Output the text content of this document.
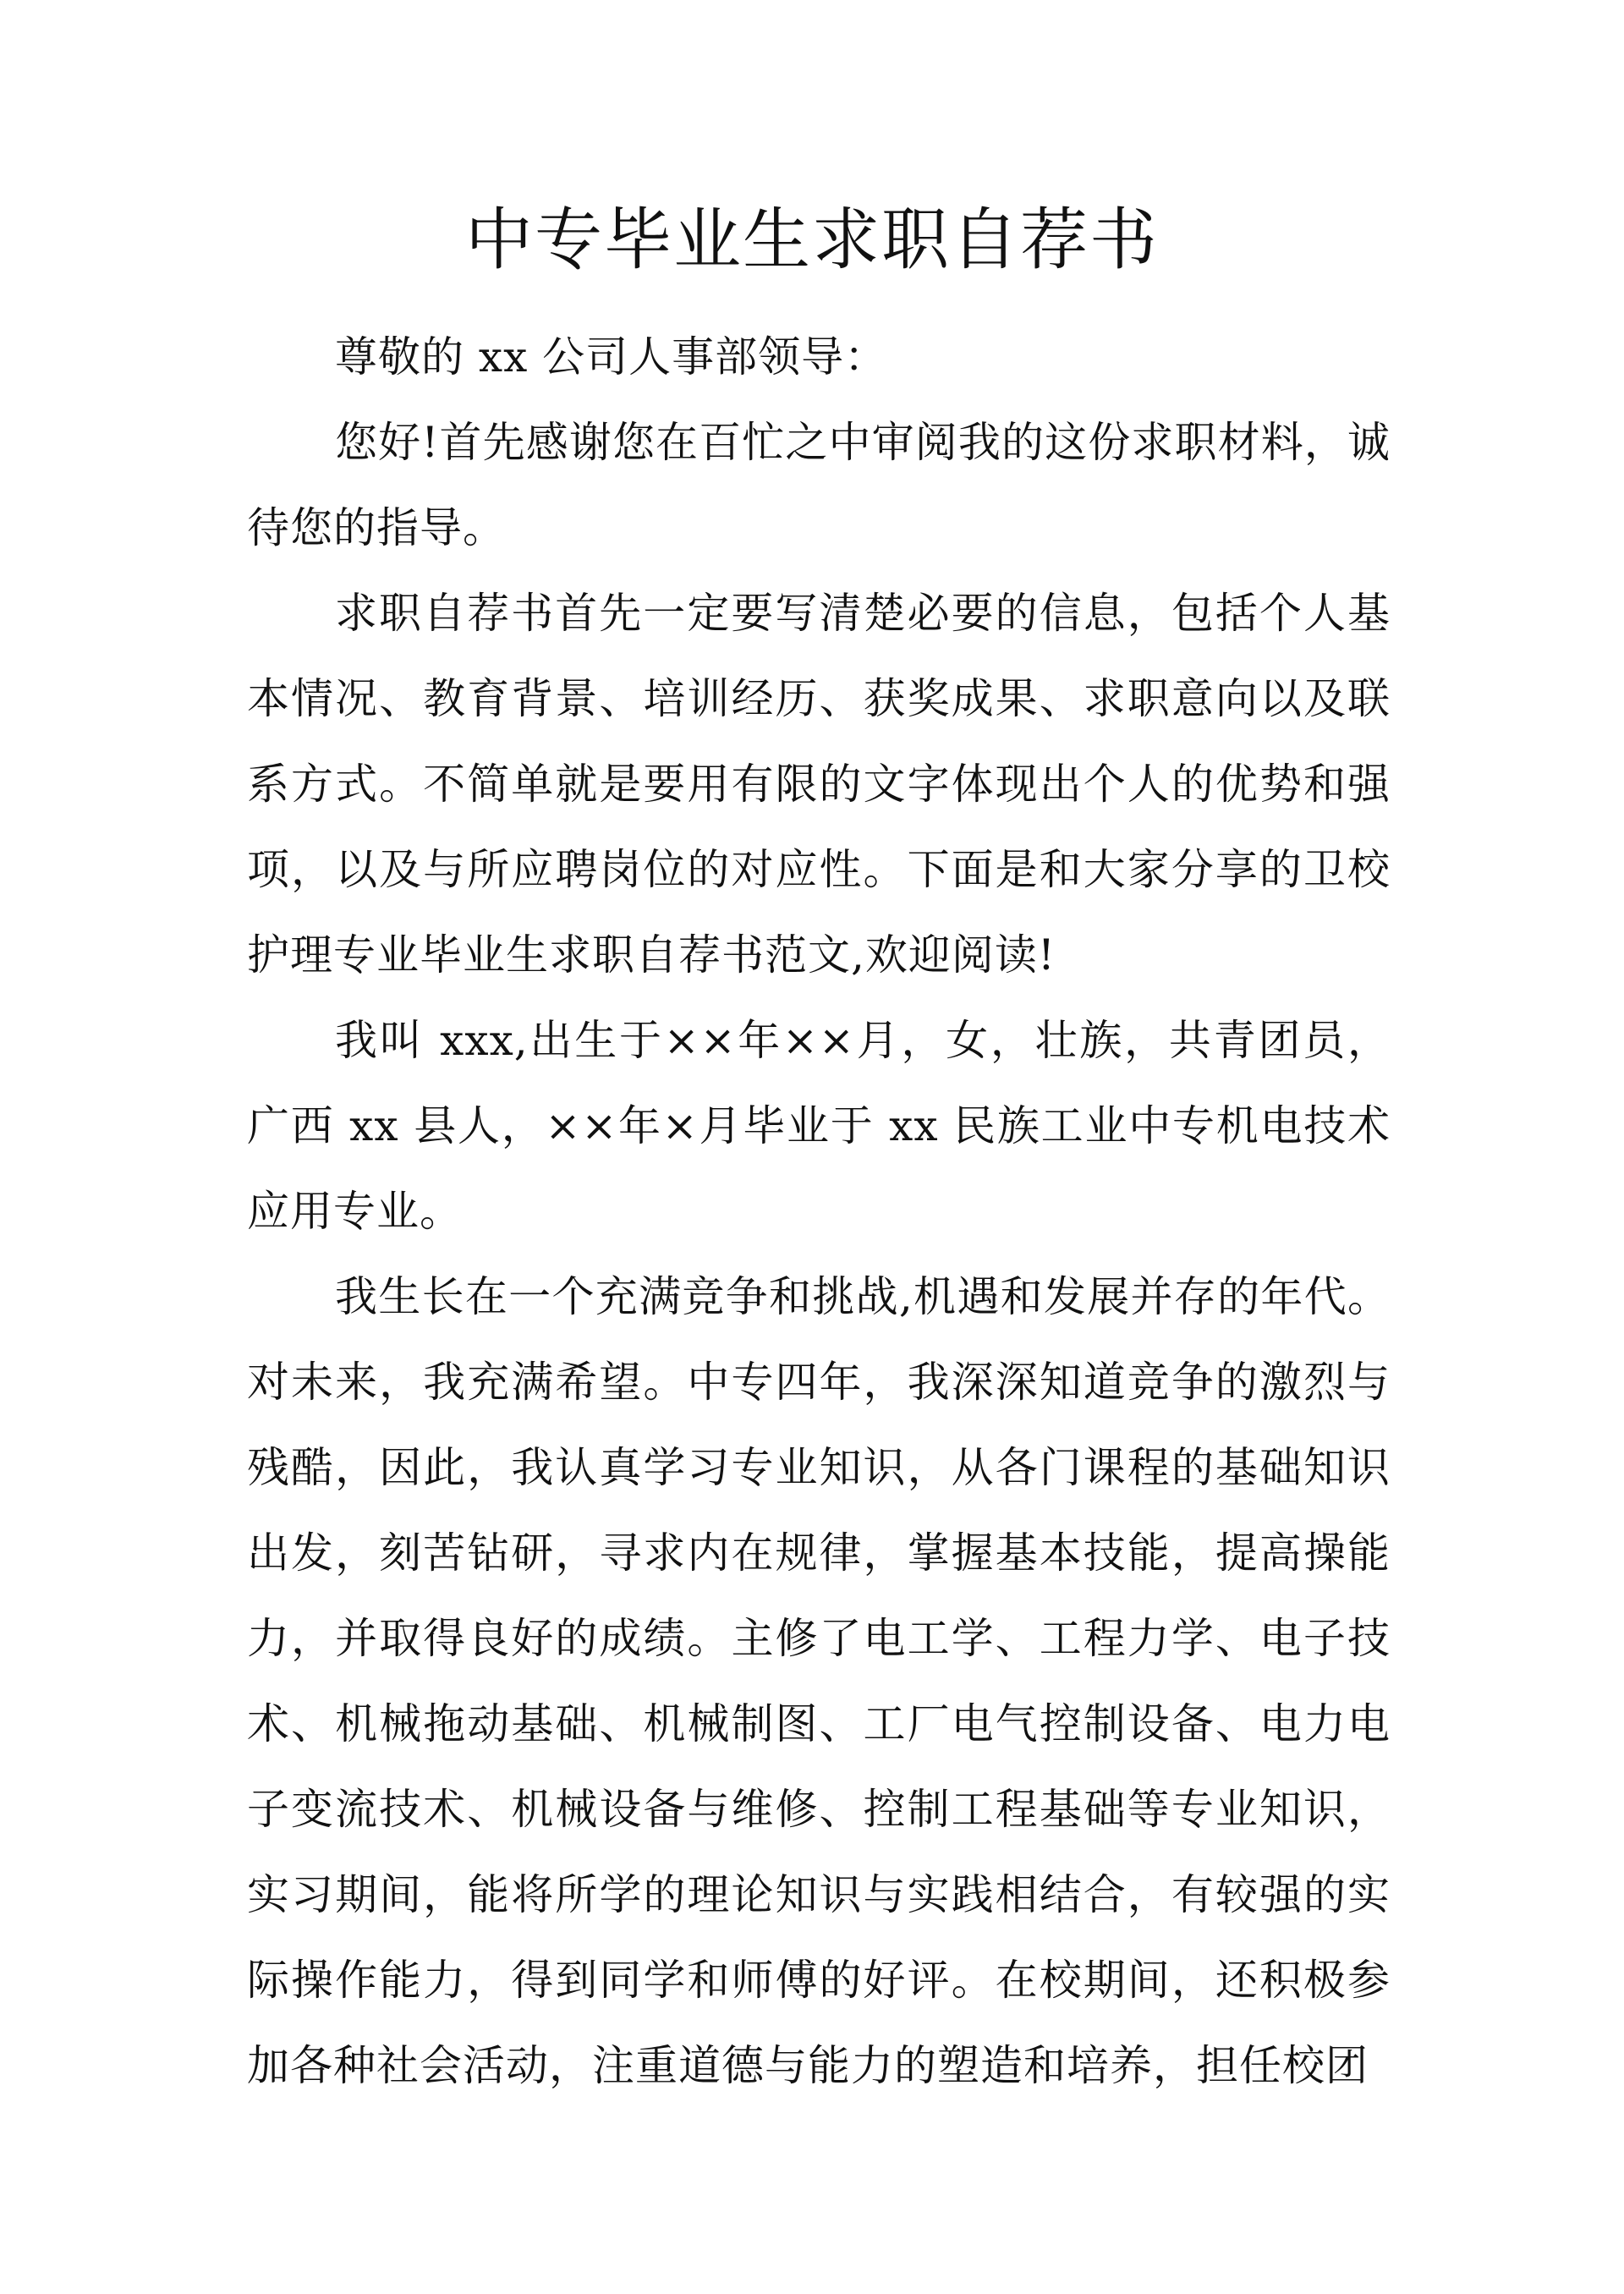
中专毕业生求职自荐书

尊敬的 xx 公司人事部领导：

您好!首先感谢您在百忙之中审阅我的这份求职材料，诚待您的指导。

求职自荐书首先一定要写清楚必要的信息，包括个人基本情况、教育背景、培训经历、获奖成果、求职意向以及联系方式。不简单就是要用有限的文字体现出个人的优势和强项，以及与所应聘岗位的对应性。下面是和大家分享的卫校护理专业毕业生求职自荐书范文,欢迎阅读!

我叫 xxx,出生于××年××月，女，壮族，共青团员，广西 xx 县人，××年×月毕业于 xx 民族工业中专机电技术应用专业。

我生长在一个充满竞争和挑战,机遇和发展并存的年代。对未来，我充满希望。中专四年，我深深知道竞争的激烈与残酷，因此，我认真学习专业知识，从各门课程的基础知识出发，刻苦钻研，寻求内在规律，掌握基本技能，提高操能力，并取得良好的成绩。主修了电工学、工程力学、电子技术、机械拖动基础、机械制图、工厂电气控制设备、电力电子变流技术、机械设备与维修、控制工程基础等专业知识，实习期间，能将所学的理论知识与实践相结合，有较强的实际操作能力，得到同学和师傅的好评。在校期间，还积极参加各种社会活动，注重道德与能力的塑造和培养，担任校团
